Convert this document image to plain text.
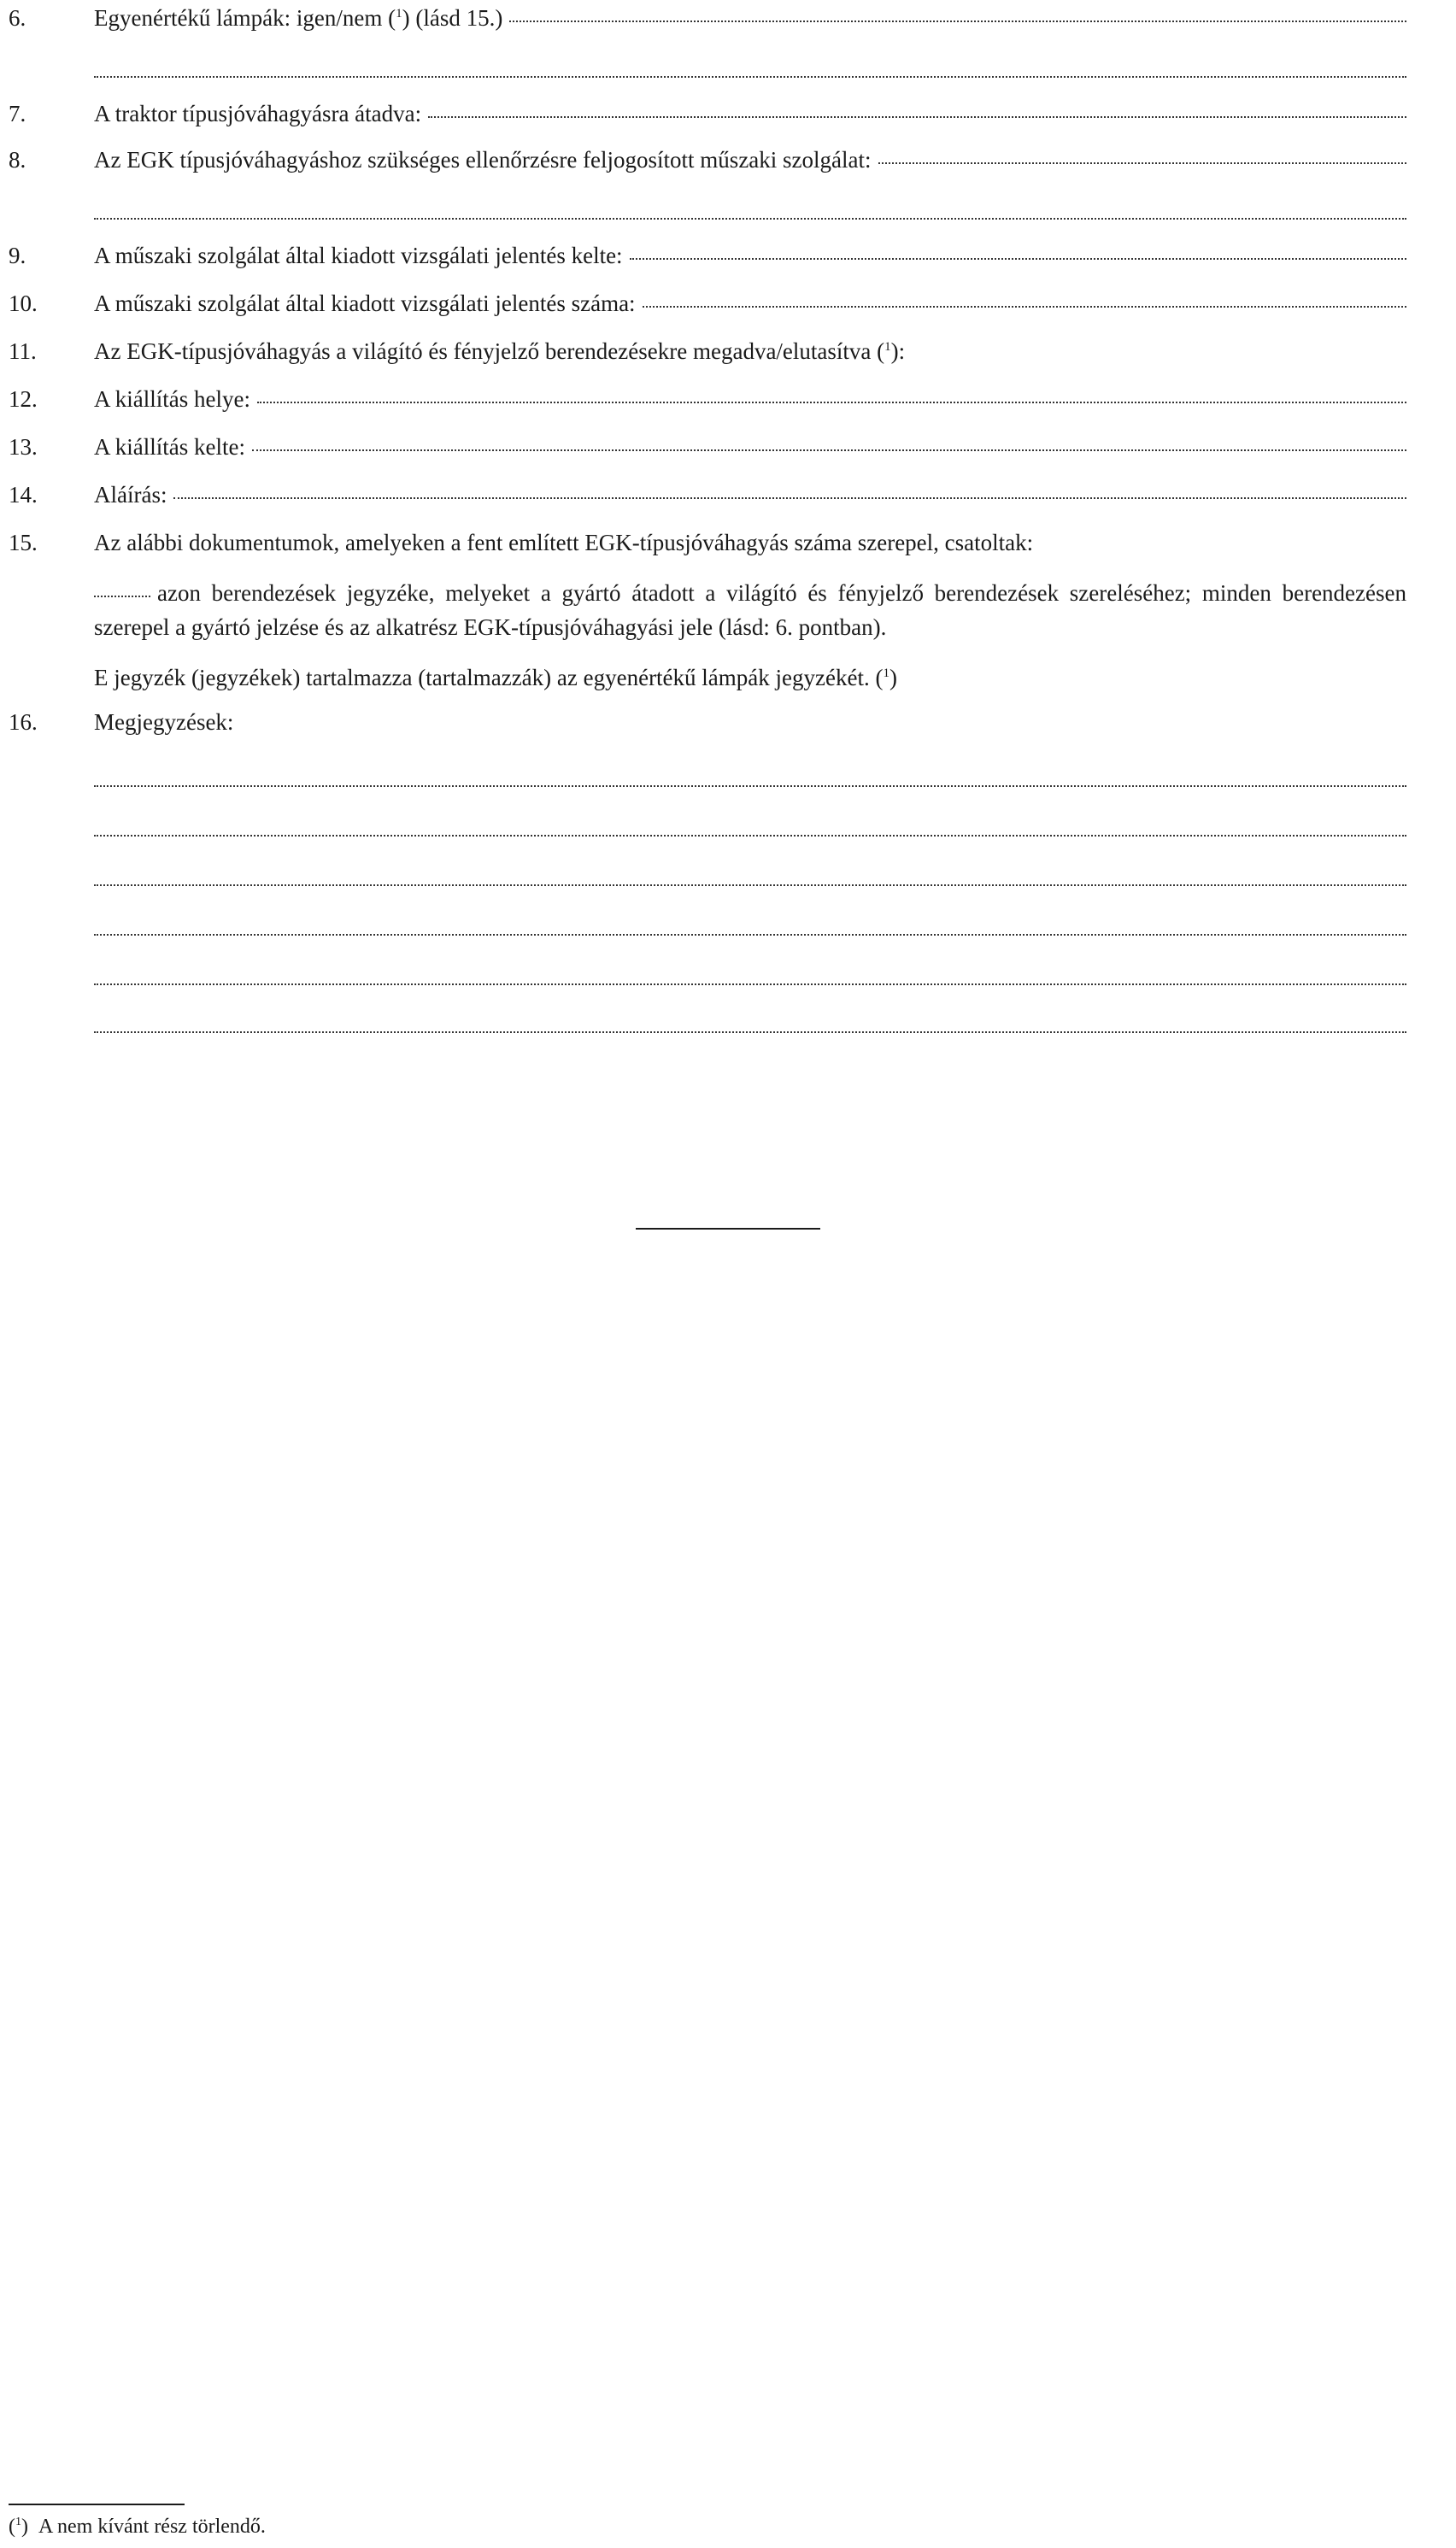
6.	Egyenértékű lámpák: igen/nem ($^1$) (lásd 15.)
7.	A traktor típusjóváhagyásra átadva:
8.	Az EGK típusjóváhagyáshoz szükséges ellenőrzésre feljogosított műszaki szolgálat:
9.	A műszaki szolgálat által kiadott vizsgálati jelentés kelte:
10.	A műszaki szolgálat által kiadott vizsgálati jelentés száma:
11.	Az EGK-típusjóváhagyás a világító és fényjelző berendezésekre megadva/elutasítva ($^1$):
12.	A kiállítás helye:
13.	A kiállítás kelte:
14.	Aláírás:
15.	Az alábbi dokumentumok, amelyeken a fent említett EGK-típusjóváhagyás száma szerepel, csatoltak:
azon berendezések jegyzéke, melyeket a gyártó átadott a világító és fényjelző berendezések szereléséhez; minden berendezésen szerepel a gyártó jelzése és az alkatrész EGK-típusjóváhagyási jele (lásd: 6. pontban).
E jegyzék (jegyzékek) tartalmazza (tartalmazzák) az egyenértékű lámpák jegyzékét. ($^1$)
16.	Megjegyzések:
($^1$)  A nem kívánt rész törlendő.
